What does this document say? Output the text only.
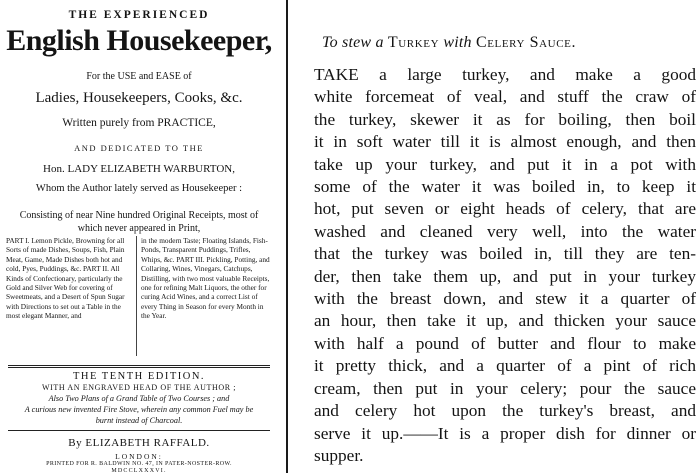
THE EXPERIENCED
English Housekeeper,
For the USE and EASE of
Ladies, Housekeepers, Cooks, &c.
Written purely from PRACTICE,
AND DEDICATED TO THE
Hon. LADY ELIZABETH WARBURTON,
Whom the Author lately served as Housekeeper :
Consisting of near Nine hundred Original Receipts, most of which never appeared in Print,
PART I. Lemon Pickle, Browning for all Sorts of made Dishes, Soups, Fish, Plain Meat, Game, Made Dishes both hot and cold, Pyes, Puddings, &c. PART II. All Kinds of Confectionary, particularly the Gold and Silver Web for covering of Sweetmeats, and a Desert of Spun Sugar with Directions to set out a Table in the most elegant Manner, and
in the modern Taste; Floating Islands, Fish-Ponds, Transparent Puddings, Trifles, Whips, &c. PART III. Pickling, Potting, and Collaring, Wines, Vinegars, Catchups, Distilling, with two most valuable Receipts, one for refining Malt Liquors, the other for curing Acid Wines, and a correct List of every Thing in Season for every Month in the Year.
THE TENTH EDITION.
WITH AN ENGRAVED HEAD OF THE AUTHOR ;
Also Two Plans of a Grand Table of Two Courses ; and
A curious new invented Fire Stove, wherein any common Fuel may be
burnt instead of Charcoal.
By ELIZABETH RAFFALD.
LONDON:
PRINTED FOR R. BALDWIN NO. 47, IN PATER-NOSTER-ROW.
MDCCLXXXVI.
To stew a Turkey with Celery Sauce.
TAKE a large turkey, and make a good
white forcemeat of veal, and stuff the craw of
the turkey, skewer it as for boiling, then boil
it in soft water till it is almost enough, and then
take up your turkey, and put it in a pot with
some of the water it was boiled in, to keep it
hot, put seven or eight heads of celery, that are
washed and cleaned very well, into the water
that the turkey was boiled in, till they are ten-
der, then take them up, and put in your turkey
with the breast down, and stew it a quarter of
an hour, then take it up, and thicken your sauce
with half a pound of butter and flour to make
it pretty thick, and a quarter of a pint of rich
cream, then put in your celery; pour the sauce
and celery hot upon the turkey's breast, and
serve it up.——It is a proper dish for dinner or
supper.
